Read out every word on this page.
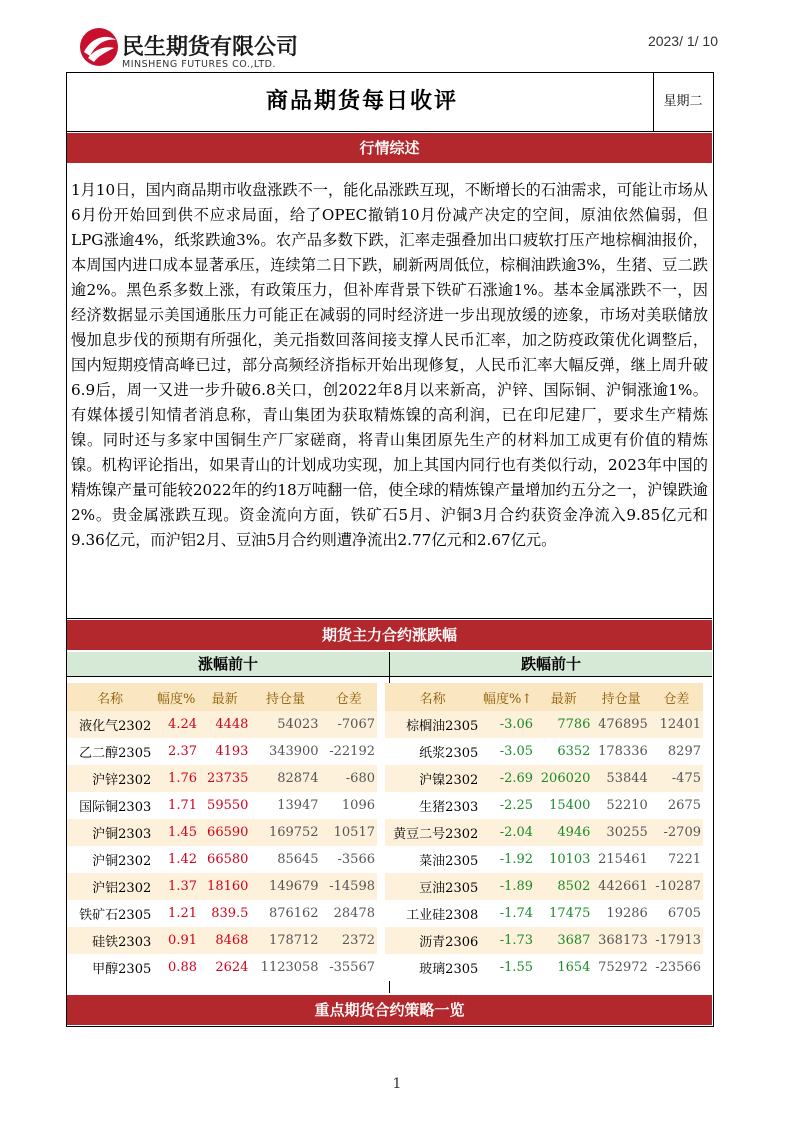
民生期货有限公司
MINSHENG FUTURES CO.,LTD.
2023/ 1/ 10
商品期货每日收评	星期二
行情综述
1月10日，国内商品期市收盘涨跌不一，能化品涨跌互现，不断增长的石油需求，可能让市场从6月份开始回到供不应求局面，给了OPEC撤销10月份减产决定的空间，原油依然偏弱，但LPG涨逾4%，纸浆跌逾3%。农产品多数下跌，汇率走强叠加出口疲软打压产地棕榈油报价，本周国内进口成本显著承压，连续第二日下跌，刷新两周低位，棕榈油跌逾3%，生猪、豆二跌逾2%。黑色系多数上涨，有政策压力，但补库背景下铁矿石涨逾1%。基本金属涨跌不一，因经济数据显示美国通胀压力可能正在减弱的同时经济进一步出现放缓的迹象，市场对美联储放慢加息步伐的预期有所强化，美元指数回落间接支撑人民币汇率，加之防疫政策优化调整后，国内短期疫情高峰已过，部分高频经济指标开始出现修复，人民币汇率大幅反弹，继上周升破6.9后，周一又进一步升破6.8关口，创2022年8月以来新高，沪锌、国际铜、沪铜涨逾1%。有媒体援引知情者消息称，青山集团为获取精炼镍的高利润，已在印尼建厂，要求生产精炼镍。同时还与多家中国铜生产厂家磋商，将青山集团原先生产的材料加工成更有价值的精炼镍。机构评论指出，如果青山的计划成功实现，加上其国内同行也有类似行动，2023年中国的精炼镍产量可能较2022年的约18万吨翻一倍，使全球的精炼镍产量增加约五分之一，沪镍跌逾2%。贵金属涨跌互现。资金流向方面，铁矿石5月、沪铜3月合约获资金净流入9.85亿元和9.36亿元，而沪铝2月、豆油5月合约则遭净流出2.77亿元和2.67亿元。
期货主力合约涨跌幅
涨幅前十	跌幅前十
名称	幅度%	最新	持仓量	仓差
液化气2302	4.24	4448	54023	-7067
乙二醇2305	2.37	4193	343900	-22192
沪锌2302	1.76	23735	82874	-680
国际铜2303	1.71	59550	13947	1096
沪铜2303	1.45	66590	169752	10517
沪铜2302	1.42	66580	85645	-3566
沪铝2302	1.37	18160	149679	-14598
铁矿石2305	1.21	839.5	876162	28478
硅铁2303	0.91	8468	178712	2372
甲醇2305	0.88	2624	1123058	-35567
名称	幅度%↑	最新	持仓量	仓差
棕榈油2305	-3.06	7786	476895	12401
纸浆2305	-3.05	6352	178336	8297
沪镍2302	-2.69	206020	53844	-475
生猪2303	-2.25	15400	52210	2675
黄豆二号2302	-2.04	4946	30255	-2709
菜油2305	-1.92	10103	215461	7221
豆油2305	-1.89	8502	442661	-10287
工业硅2308	-1.74	17475	19286	6705
沥青2306	-1.73	3687	368173	-17913
玻璃2305	-1.55	1654	752972	-23566
重点期货合约策略一览
1
